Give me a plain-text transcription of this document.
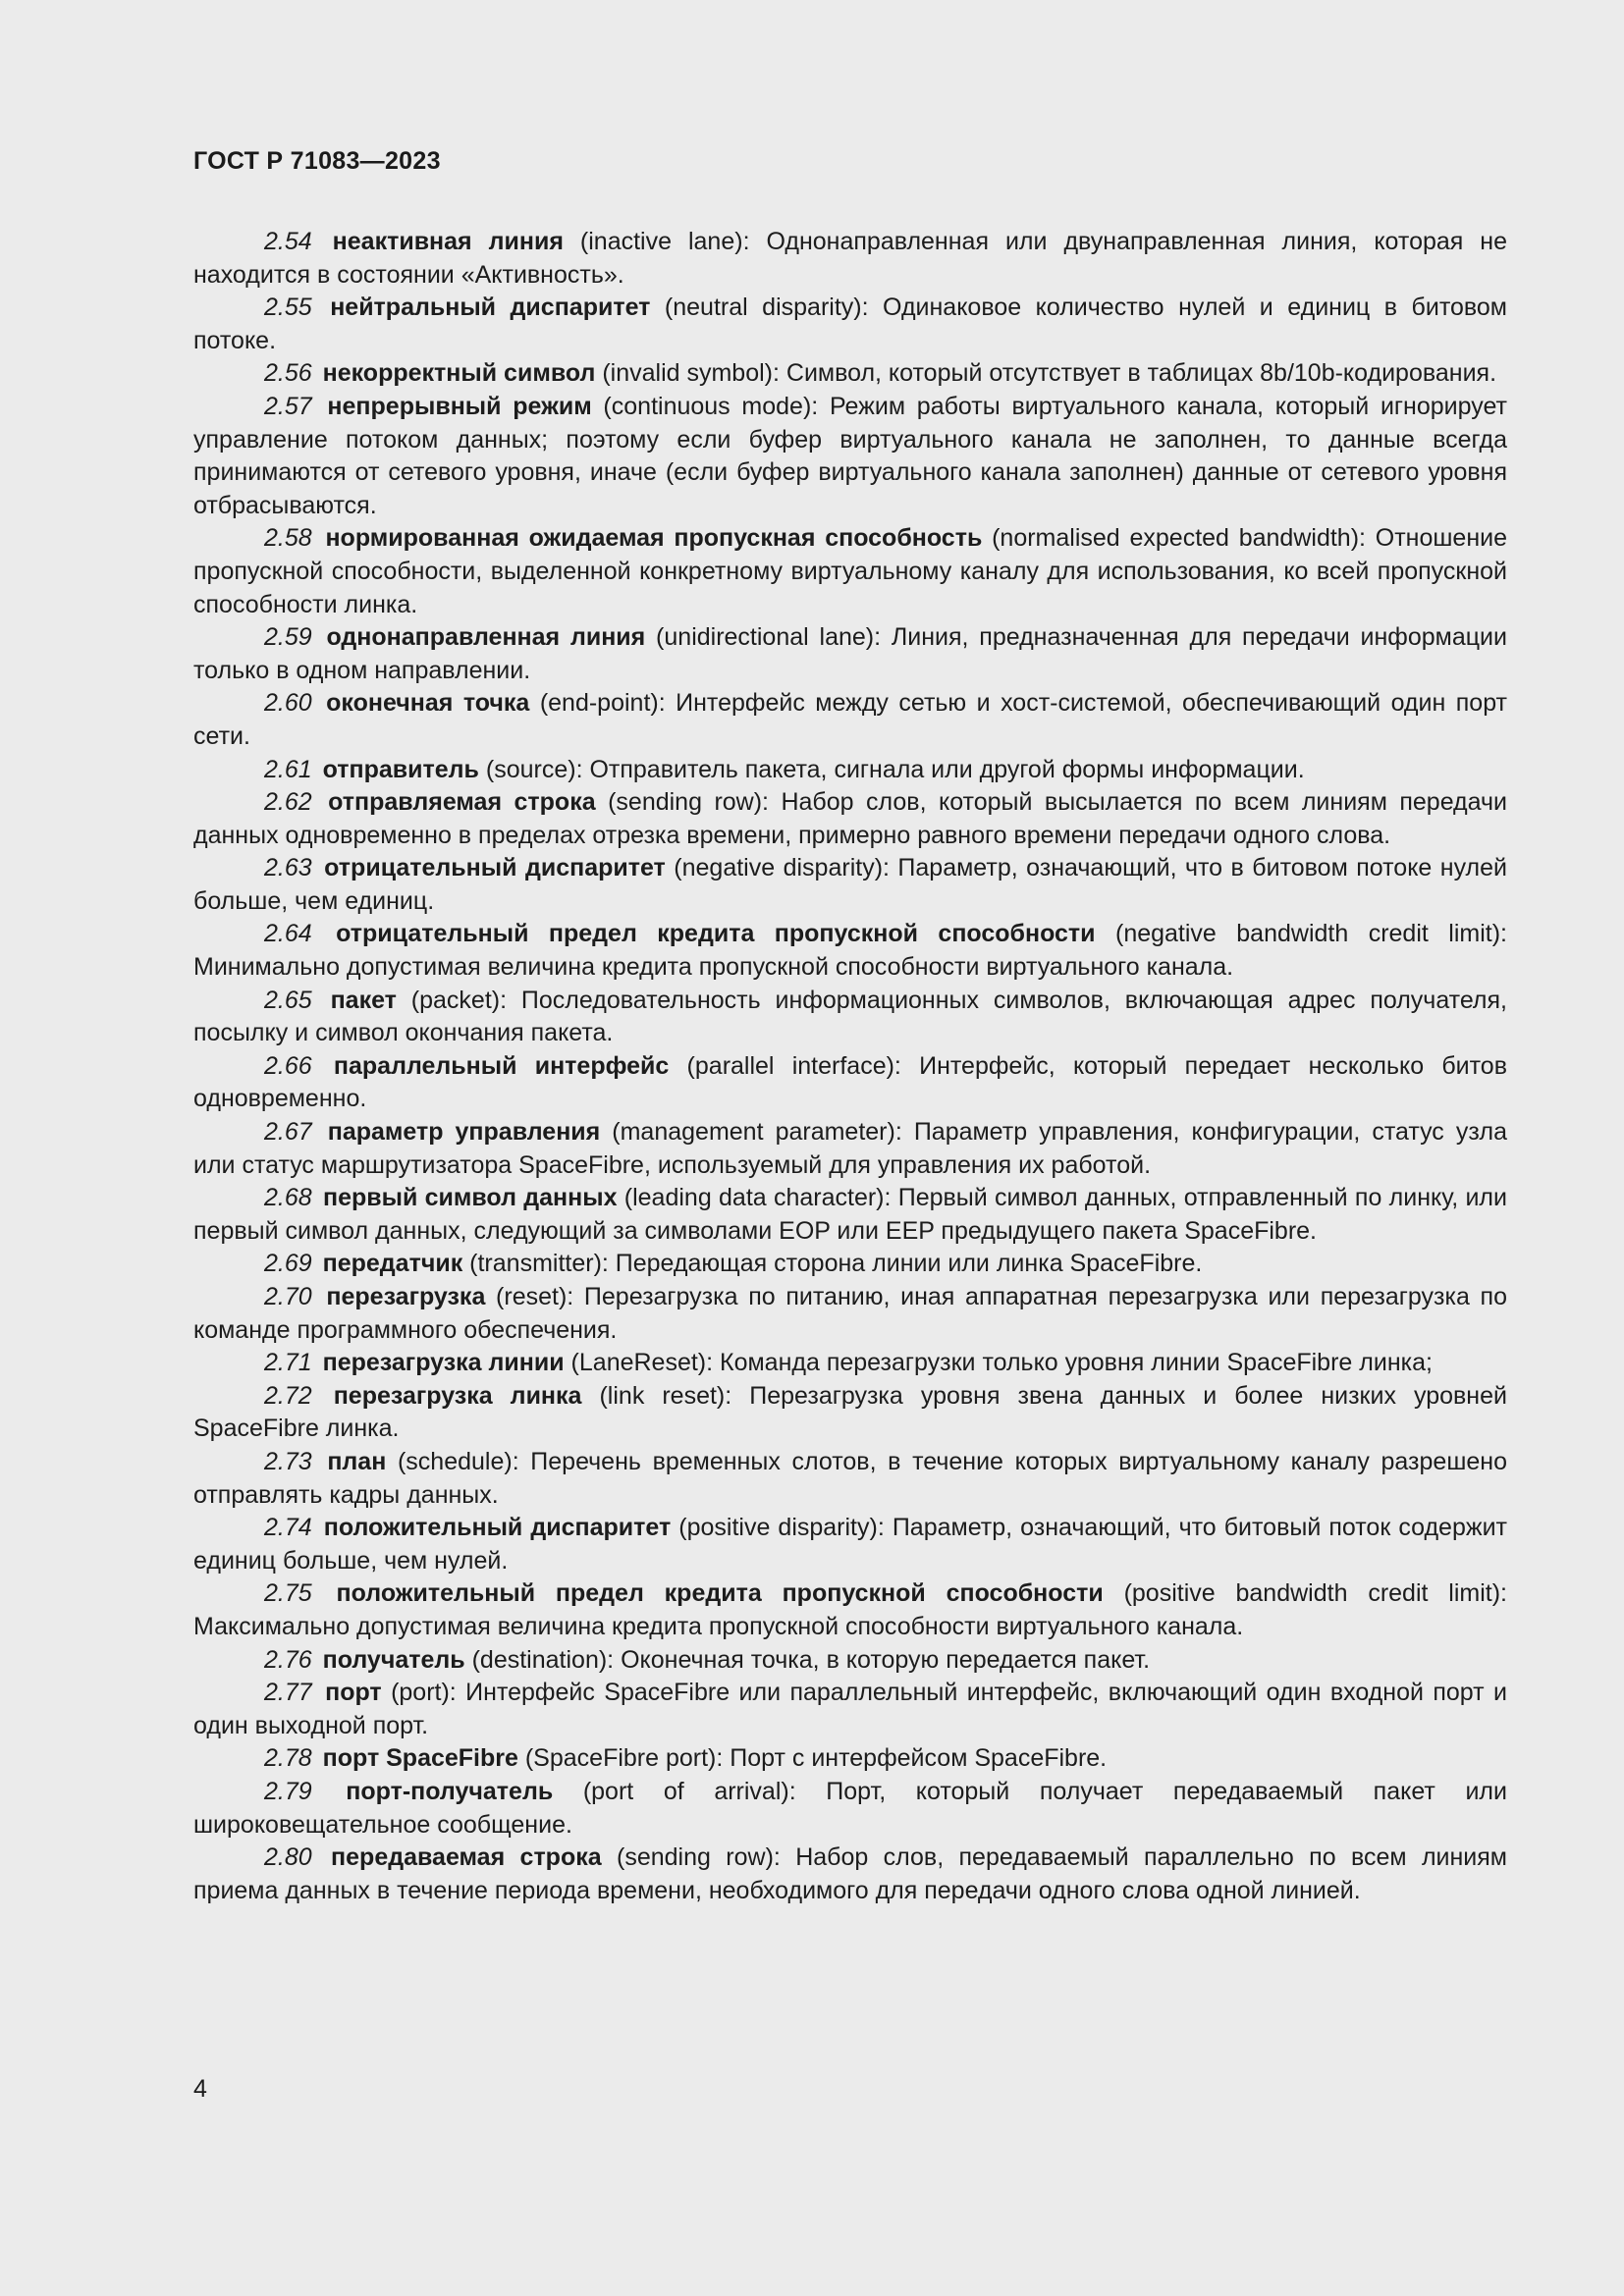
ГОСТ Р 71083—2023

2.54 неактивная линия (inactive lane): Однонаправленная или двунаправленная линия, которая не находится в состоянии «Активность».

2.55 нейтральный диспаритет (neutral disparity): Одинаковое количество нулей и единиц в битовом потоке.

2.56 некорректный символ (invalid symbol): Символ, который отсутствует в таблицах 8b/10b-кодирования.

2.57 непрерывный режим (continuous mode): Режим работы виртуального канала, который игнорирует управление потоком данных; поэтому если буфер виртуального канала не заполнен, то данные всегда принимаются от сетевого уровня, иначе (если буфер виртуального канала заполнен) данные от сетевого уровня отбрасываются.

2.58 нормированная ожидаемая пропускная способность (normalised expected bandwidth): Отношение пропускной способности, выделенной конкретному виртуальному каналу для использования, ко всей пропускной способности линка.

2.59 однонаправленная линия (unidirectional lane): Линия, предназначенная для передачи информации только в одном направлении.

2.60 оконечная точка (end-point): Интерфейс между сетью и хост-системой, обеспечивающий один порт сети.

2.61 отправитель (source): Отправитель пакета, сигнала или другой формы информации.

2.62 отправляемая строка (sending row): Набор слов, который высылается по всем линиям передачи данных одновременно в пределах отрезка времени, примерно равного времени передачи одного слова.

2.63 отрицательный диспаритет (negative disparity): Параметр, означающий, что в битовом потоке нулей больше, чем единиц.

2.64 отрицательный предел кредита пропускной способности (negative bandwidth credit limit): Минимально допустимая величина кредита пропускной способности виртуального канала.

2.65 пакет (packet): Последовательность информационных символов, включающая адрес получателя, посылку и символ окончания пакета.

2.66 параллельный интерфейс (parallel interface): Интерфейс, который передает несколько битов одновременно.

2.67 параметр управления (management parameter): Параметр управления, конфигурации, статус узла или статус маршрутизатора SpaceFibre, используемый для управления их работой.

2.68 первый символ данных (leading data character): Первый символ данных, отправленный по линку, или первый символ данных, следующий за символами EOP или EEP предыдущего пакета SpaceFibre.

2.69 передатчик (transmitter): Передающая сторона линии или линка SpaceFibre.

2.70 перезагрузка (reset): Перезагрузка по питанию, иная аппаратная перезагрузка или перезагрузка по команде программного обеспечения.

2.71 перезагрузка линии (LaneReset): Команда перезагрузки только уровня линии SpaceFibre линка;

2.72 перезагрузка линка (link reset): Перезагрузка уровня звена данных и более низких уровней SpaceFibre линка.

2.73 план (schedule): Перечень временных слотов, в течение которых виртуальному каналу разрешено отправлять кадры данных.

2.74 положительный диспаритет (positive disparity): Параметр, означающий, что битовый поток содержит единиц больше, чем нулей.

2.75 положительный предел кредита пропускной способности (positive bandwidth credit limit): Максимально допустимая величина кредита пропускной способности виртуального канала.

2.76 получатель (destination): Оконечная точка, в которую передается пакет.

2.77 порт (port): Интерфейс SpaceFibre или параллельный интерфейс, включающий один входной порт и один выходной порт.

2.78 порт SpaceFibre (SpaceFibre port): Порт с интерфейсом SpaceFibre.

2.79 порт-получатель (port of arrival): Порт, который получает передаваемый пакет или широковещательное сообщение.

2.80 передаваемая строка (sending row): Набор слов, передаваемый параллельно по всем линиям приема данных в течение периода времени, необходимого для передачи одного слова одной линией.

4
